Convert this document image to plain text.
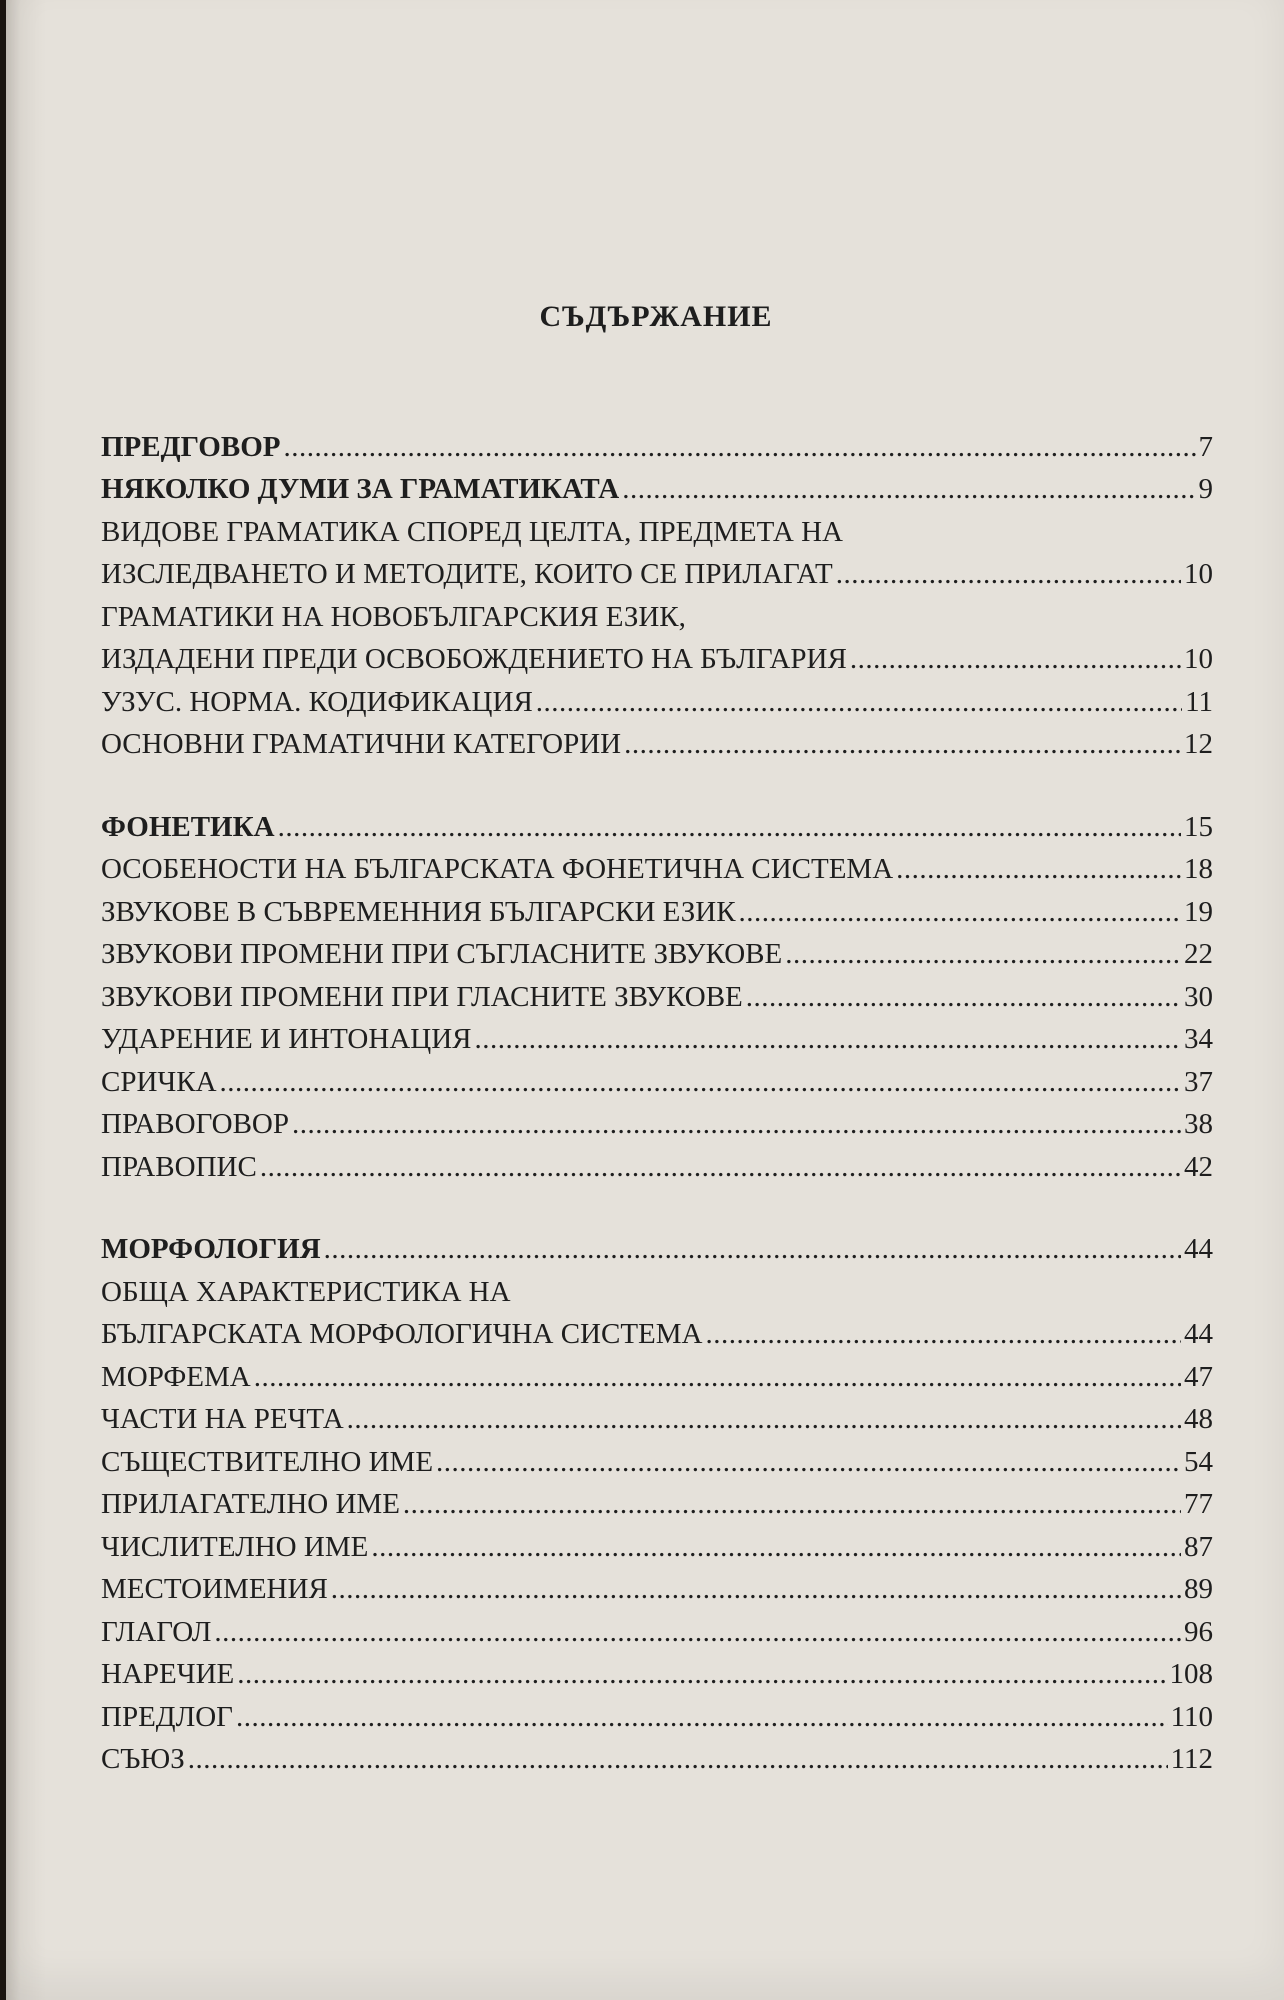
СЪДЪРЖАНИЕ
ПРЕДГОВОР .....	7
НЯКОЛКО ДУМИ ЗА ГРАМАТИКАТА .....	9
ВИДОВЕ ГРАМАТИКА СПОРЕД ЦЕЛТА, ПРЕДМЕТА НА
ИЗСЛЕДВАНЕТО И МЕТОДИТЕ, КОИТО СЕ ПРИЛАГАТ .....	10
ГРАМАТИКИ НА НОВОБЪЛГАРСКИЯ ЕЗИК,
ИЗДАДЕНИ ПРЕДИ ОСВОБОЖДЕНИЕТО НА БЪЛГАРИЯ .....	10
УЗУС. НОРМА. КОДИФИКАЦИЯ .....	11
ОСНОВНИ ГРАМАТИЧНИ КАТЕГОРИИ .....	12
ФОНЕТИКА .....	15
ОСОБЕНОСТИ НА БЪЛГАРСКАТА ФОНЕТИЧНА СИСТЕМА .....	18
ЗВУКОВЕ В СЪВРЕМЕННИЯ БЪЛГАРСКИ ЕЗИК .....	19
ЗВУКОВИ ПРОМЕНИ ПРИ СЪГЛАСНИТЕ ЗВУКОВЕ .....	22
ЗВУКОВИ ПРОМЕНИ ПРИ ГЛАСНИТЕ ЗВУКОВЕ .....	30
УДАРЕНИЕ И ИНТОНАЦИЯ .....	34
СРИЧКА .....	37
ПРАВОГОВОР .....	38
ПРАВОПИС .....	42
МОРФОЛОГИЯ .....	44
ОБЩА ХАРАКТЕРИСТИКА НА
БЪЛГАРСКАТА МОРФОЛОГИЧНА СИСТЕМА .....	44
МОРФЕМА .....	47
ЧАСТИ НА РЕЧТА .....	48
СЪЩЕСТВИТЕЛНО ИМЕ .....	54
ПРИЛАГАТЕЛНО ИМЕ .....	77
ЧИСЛИТЕЛНО ИМЕ .....	87
МЕСТОИМЕНИЯ .....	89
ГЛАГОЛ .....	96
НАРЕЧИЕ .....	108
ПРЕДЛОГ .....	110
СЪЮЗ .....	112
